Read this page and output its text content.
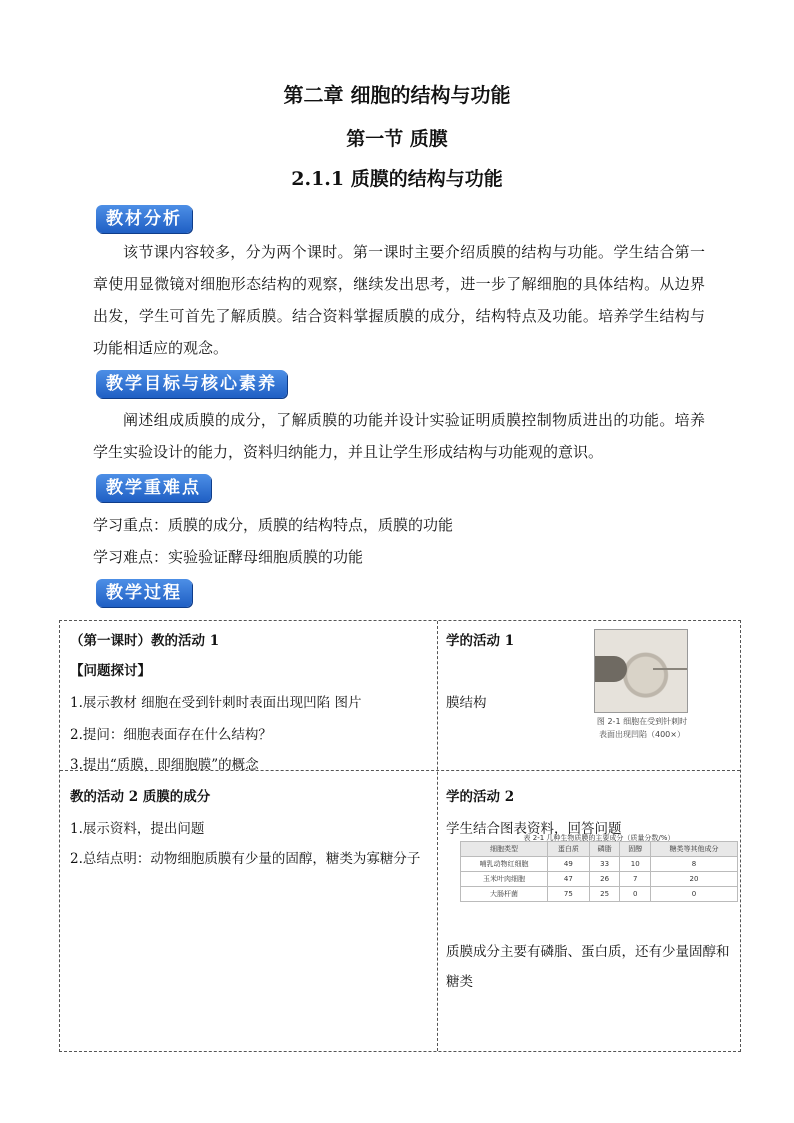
第二章 细胞的结构与功能
第一节 质膜
2.1.1 质膜的结构与功能
教材分析

该节课内容较多，分为两个课时。第一课时主要介绍质膜的结构与功能。学生结合第一章使用显微镜对细胞形态结构的观察，继续发出思考，进一步了解细胞的具体结构。从边界出发，学生可首先了解质膜。结合资料掌握质膜的成分，结构特点及功能。培养学生结构与功能相适应的观念。

教学目标与核心素养

阐述组成质膜的成分，了解质膜的功能并设计实验证明质膜控制物质进出的功能。培养学生实验设计的能力，资料归纳能力，并且让学生形成结构与功能观的意识。

教学重难点
学习重点：质膜的成分，质膜的结构特点，质膜的功能
学习难点：实验验证酵母细胞质膜的功能
教学过程
（第一课时）教的活动 1
【问题探讨】
1.展示教材 细胞在受到针刺时表面出现凹陷 图片
2.提问：细胞表面存在什么结构？
3.提出“质膜，即细胞膜”的概念
学的活动 1
膜结构
图 2-1 细胞在受到针刺时
表面出现凹陷（400×）
教的活动 2 质膜的成分
1.展示资料，提出问题
2.总结点明：动物细胞质膜有少量的固醇，糖类为寡糖分子
学的活动 2
学生结合图表资料，回答问题
表 2-1 几种生物质膜的主要成分（质量分数/%）
细胞类型	蛋白质	磷脂	固醇	糖类等其他成分
哺乳动物红细胞	49	33	10	8
玉米叶肉细胞	47	26	7	20
大肠杆菌	75	25	0	0
质膜成分主要有磷脂、蛋白质，还有少量固醇和糖类
